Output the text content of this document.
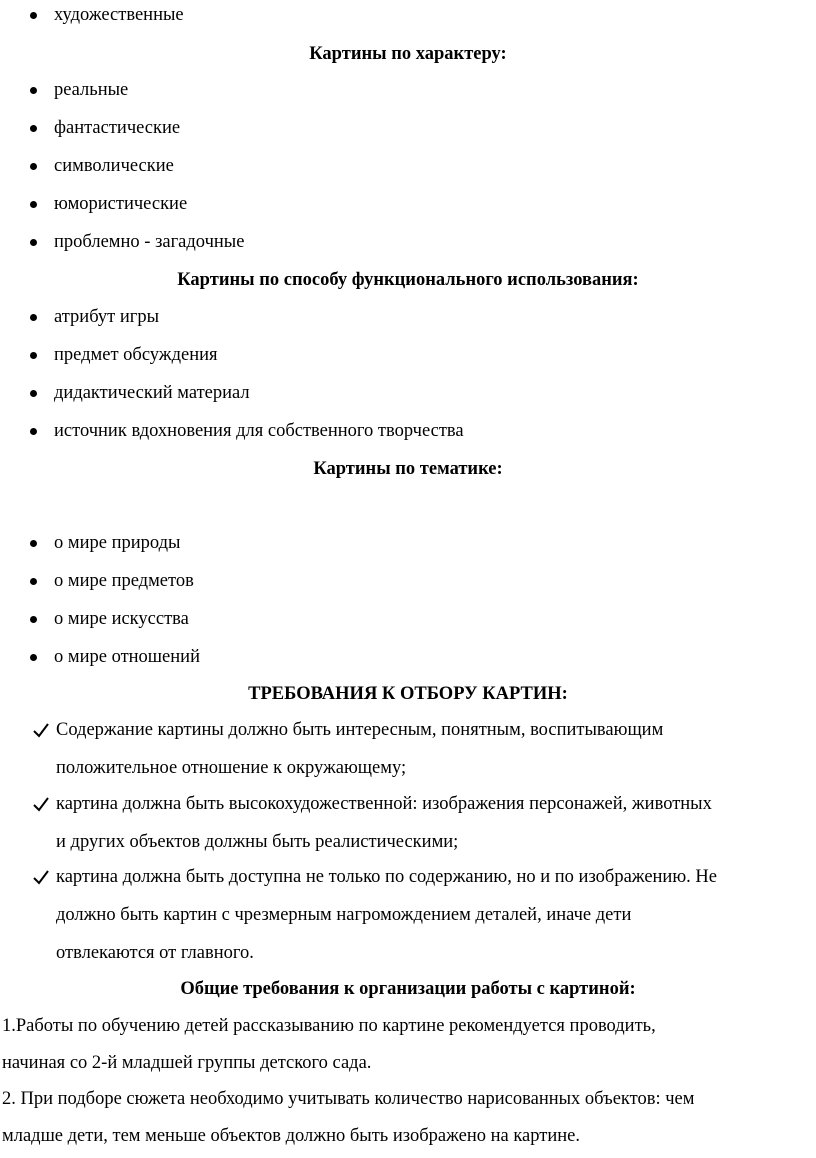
художественные
Картины по характеру:
реальные
фантастические
символические
юмористические
проблемно - загадочные
Картины по способу функционального использования:
атрибут игры
предмет обсуждения
дидактический материал
источник вдохновения для собственного творчества
Картины по тематике:
о мире природы
о мире предметов
о мире искусства
о мире отношений
ТРЕБОВАНИЯ К ОТБОРУ КАРТИН:
Содержание картины должно быть интересным, понятным, воспитывающим
положительное отношение к окружающему;
картина должна быть высокохудожественной: изображения персонажей, животных
и других объектов должны быть реалистическими;
картина должна быть доступна не только по содержанию, но и по изображению. Не
должно быть картин с чрезмерным нагромождением деталей, иначе дети
отвлекаются от главного.
Общие требования к организации работы с картиной:
1.Работы по обучению детей рассказыванию по картине рекомендуется проводить,
начиная со 2-й младшей группы детского сада.
2. При подборе сюжета необходимо учитывать количество нарисованных объектов: чем
младше дети, тем меньше объектов должно быть изображено на картине.
